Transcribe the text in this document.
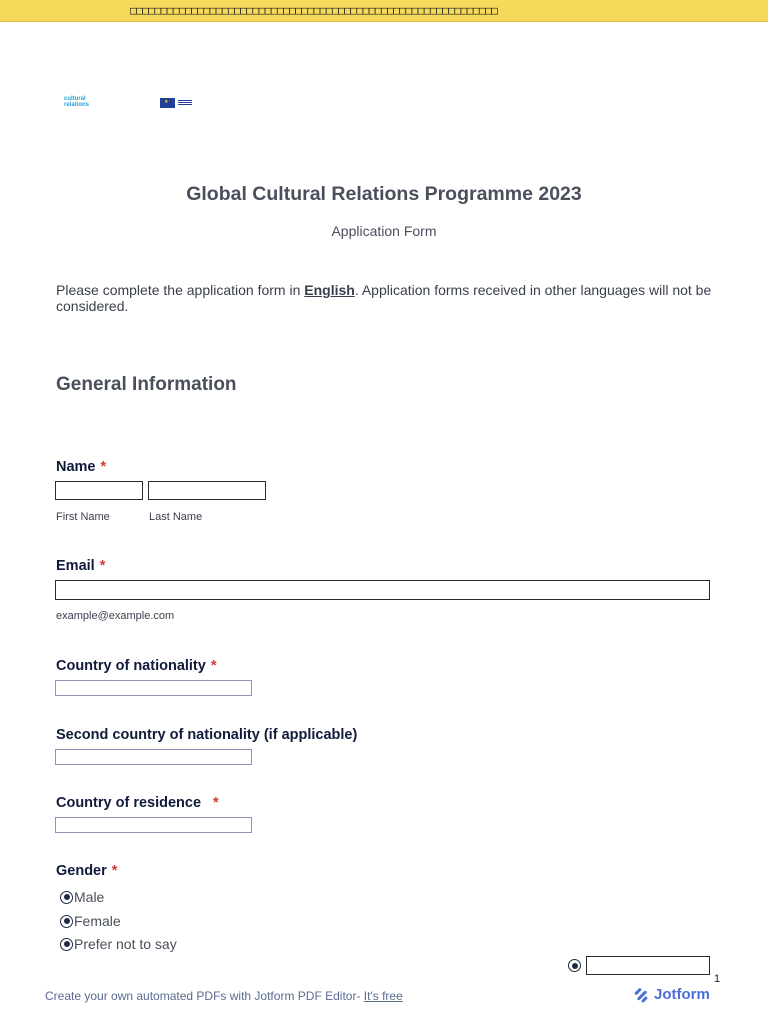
□□□□□□□□□□□□□□□□□□□□□□□□□□□□□□□□□□□□□□□□□□□□□□□□□□□□□□□□□□□□
cultural
relations	★
Global Cultural Relations Programme 2023
Application Form
Please complete the application form in English. Application forms received in other languages will not be considered.
General Information
Name *
First Name	Last Name
Email *
example@example.com
Country of nationality *
Second country of nationality (if applicable)
Country of residence *
Gender *
Male
Female
Prefer not to say
1
Create your own automated PDFs with Jotform PDF Editor- It's free	Jotform
